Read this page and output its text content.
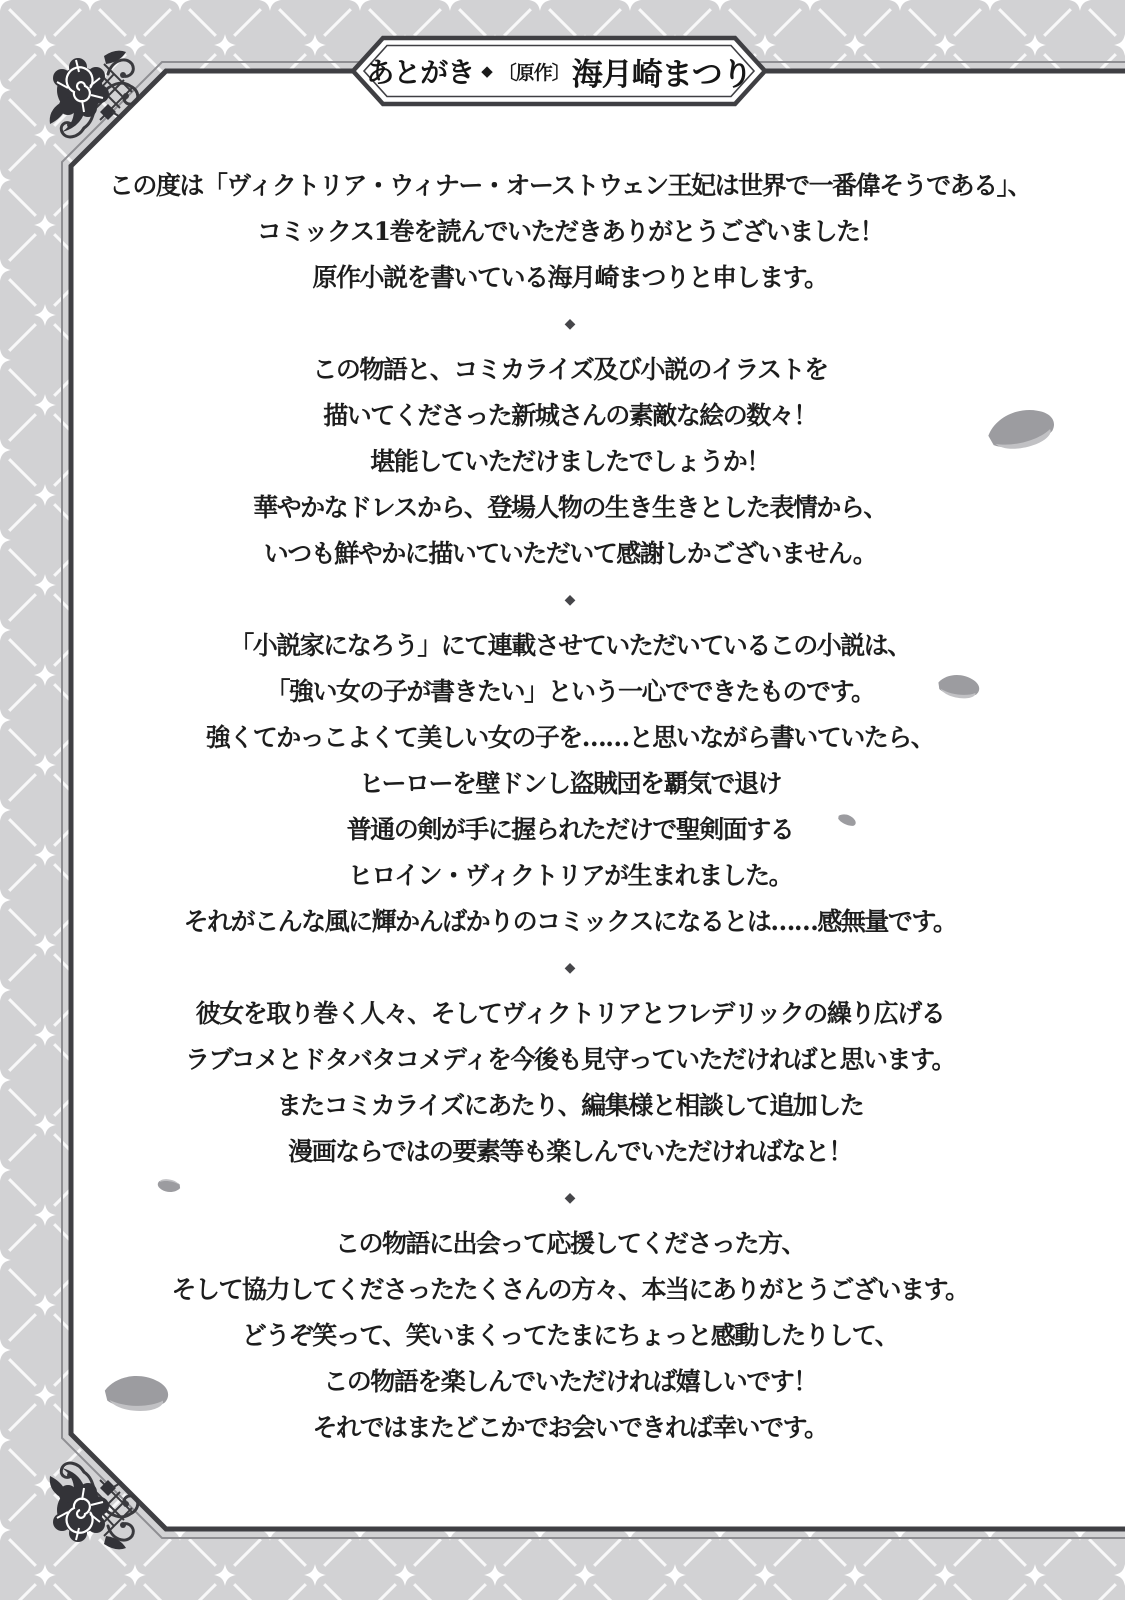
あとがき ◆ 〔原作〕 海月崎まつり
この度は「ヴィクトリア・ウィナー・オーストウェン王妃は世界で一番偉そうである」、
コミックス1巻を読んでいただきありがとうございました！
原作小説を書いている海月崎まつりと申します。
◆
この物語と、コミカライズ及び小説のイラストを
描いてくださった新城さんの素敵な絵の数々！
堪能していただけましたでしょうか！
華やかなドレスから、登場人物の生き生きとした表情から、
いつも鮮やかに描いていただいて感謝しかございません。
◆
「小説家になろう」にて連載させていただいているこの小説は、
「強い女の子が書きたい」という一心でできたものです。
強くてかっこよくて美しい女の子を……と思いながら書いていたら、
ヒーローを壁ドンし盗賊団を覇気で退け
普通の剣が手に握られただけで聖剣面する
ヒロイン・ヴィクトリアが生まれました。
それがこんな風に輝かんばかりのコミックスになるとは……感無量です。
◆
彼女を取り巻く人々、そしてヴィクトリアとフレデリックの繰り広げる
ラブコメとドタバタコメディを今後も見守っていただければと思います。
またコミカライズにあたり、編集様と相談して追加した
漫画ならではの要素等も楽しんでいただければなと！
◆
この物語に出会って応援してくださった方、
そして協力してくださったたくさんの方々、本当にありがとうございます。
どうぞ笑って、笑いまくってたまにちょっと感動したりして、
この物語を楽しんでいただければ嬉しいです！
それではまたどこかでお会いできれば幸いです。
